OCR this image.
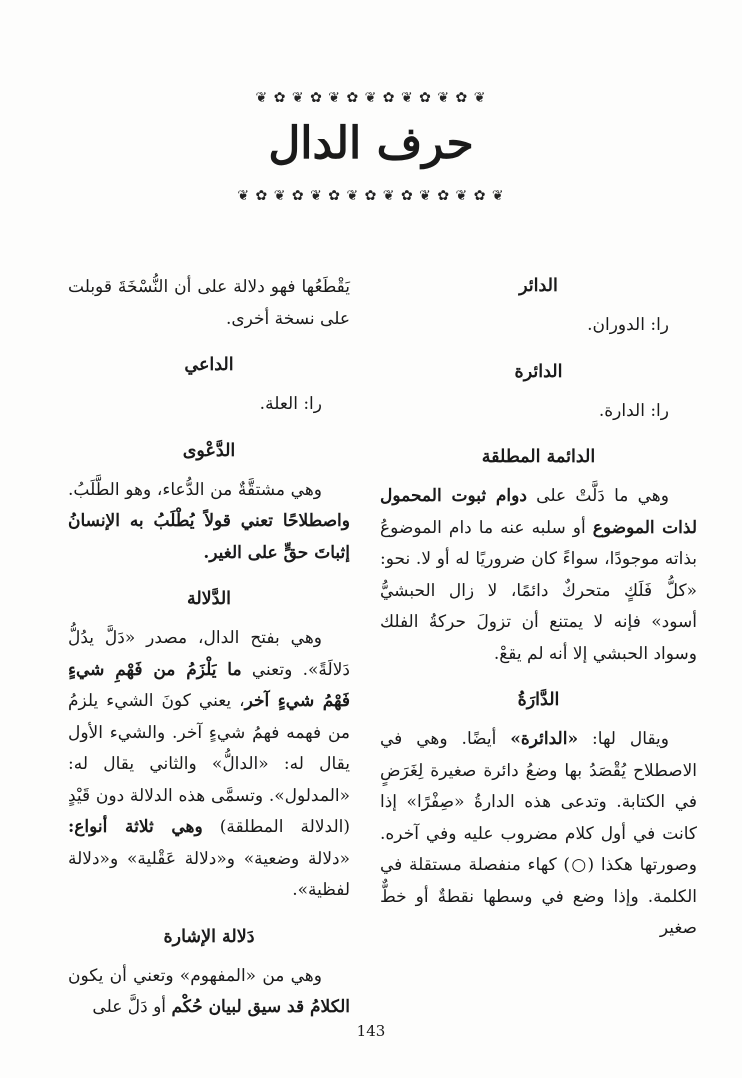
❦ ✿ ❦ ✿ ❦ ✿ ❦ ✿ ❦ ✿ ❦ ✿ ❦
حرف الدال
❦ ✿ ❦ ✿ ❦ ✿ ❦ ✿ ❦ ✿ ❦ ✿ ❦ ✿ ❦
الدائر

را: الدوران.

الدائرة

را: الدارة.

الدائمة المطلقة

وهي ما دَلَّتْ على دوام ثبوت المحمول لذات الموضوع أو سلبه عنه ما دام الموضوعُ بذاته موجودًا، سواءً كان ضروريًا له أو لا. نحو: «كلُّ فَلَكٍ متحركٌ دائمًا، لا زال الحبشيُّ أسود» فإنه لا يمتنع أن تزولَ حركةُ الفلك وسواد الحبشي إلا أنه لم يقعْ.

الدَّارَةُ

ويقال لها: «الدائرة» أيضًا. وهي في الاصطلاح يُقْصَدُ بها وضعُ دائرة صغيرة لِغَرَضٍ في الكتابة. وتدعى هذه الدارةُ «صِفْرًا» إذا كانت في أول كلام مضروب عليه وفي آخره. وصورتها هكذا (○) كهاء منفصلة مستقلة في الكلمة. وإذا وضع في وسطها نقطةٌ أو خطٌّ صغير

يَقْطَعُها فهو دلالة على أن النُّسْخَةَ قوبلت على نسخة أخرى.

الداعي

را: العلة.

الدَّعْوى

وهي مشتقَّةٌ من الدُّعاء، وهو الطَّلَبُ. واصطلاحًا تعني قولاً يُطْلَبُ به الإنسانُ إثباتَ حقٍّ على الغير.

الدَّلالة

وهي بفتح الدال، مصدر «دَلَّ يدُلُّ دَلالَةً». وتعني ما يَلْزَمُ من فَهْمِ شيءٍ فَهْمُ شيءٍ آخر، يعني كونَ الشيء يلزمُ من فهمه فهمُ شيءٍ آخر. والشيء الأول يقال له: «الدالُّ» والثاني يقال له: «المدلول». وتسمَّى هذه الدلالة دون قَيْدٍ (الدلالة المطلقة) وهي ثلاثة أنواع: «دلالة وضعية» و«دلالة عَقْلية» و«دلالة لفظية».

دَلالة الإشارة

وهي من «المفهوم» وتعني أن يكون الكلامُ قد سيق لبيان حُكْم أو دَلَّ على

143
